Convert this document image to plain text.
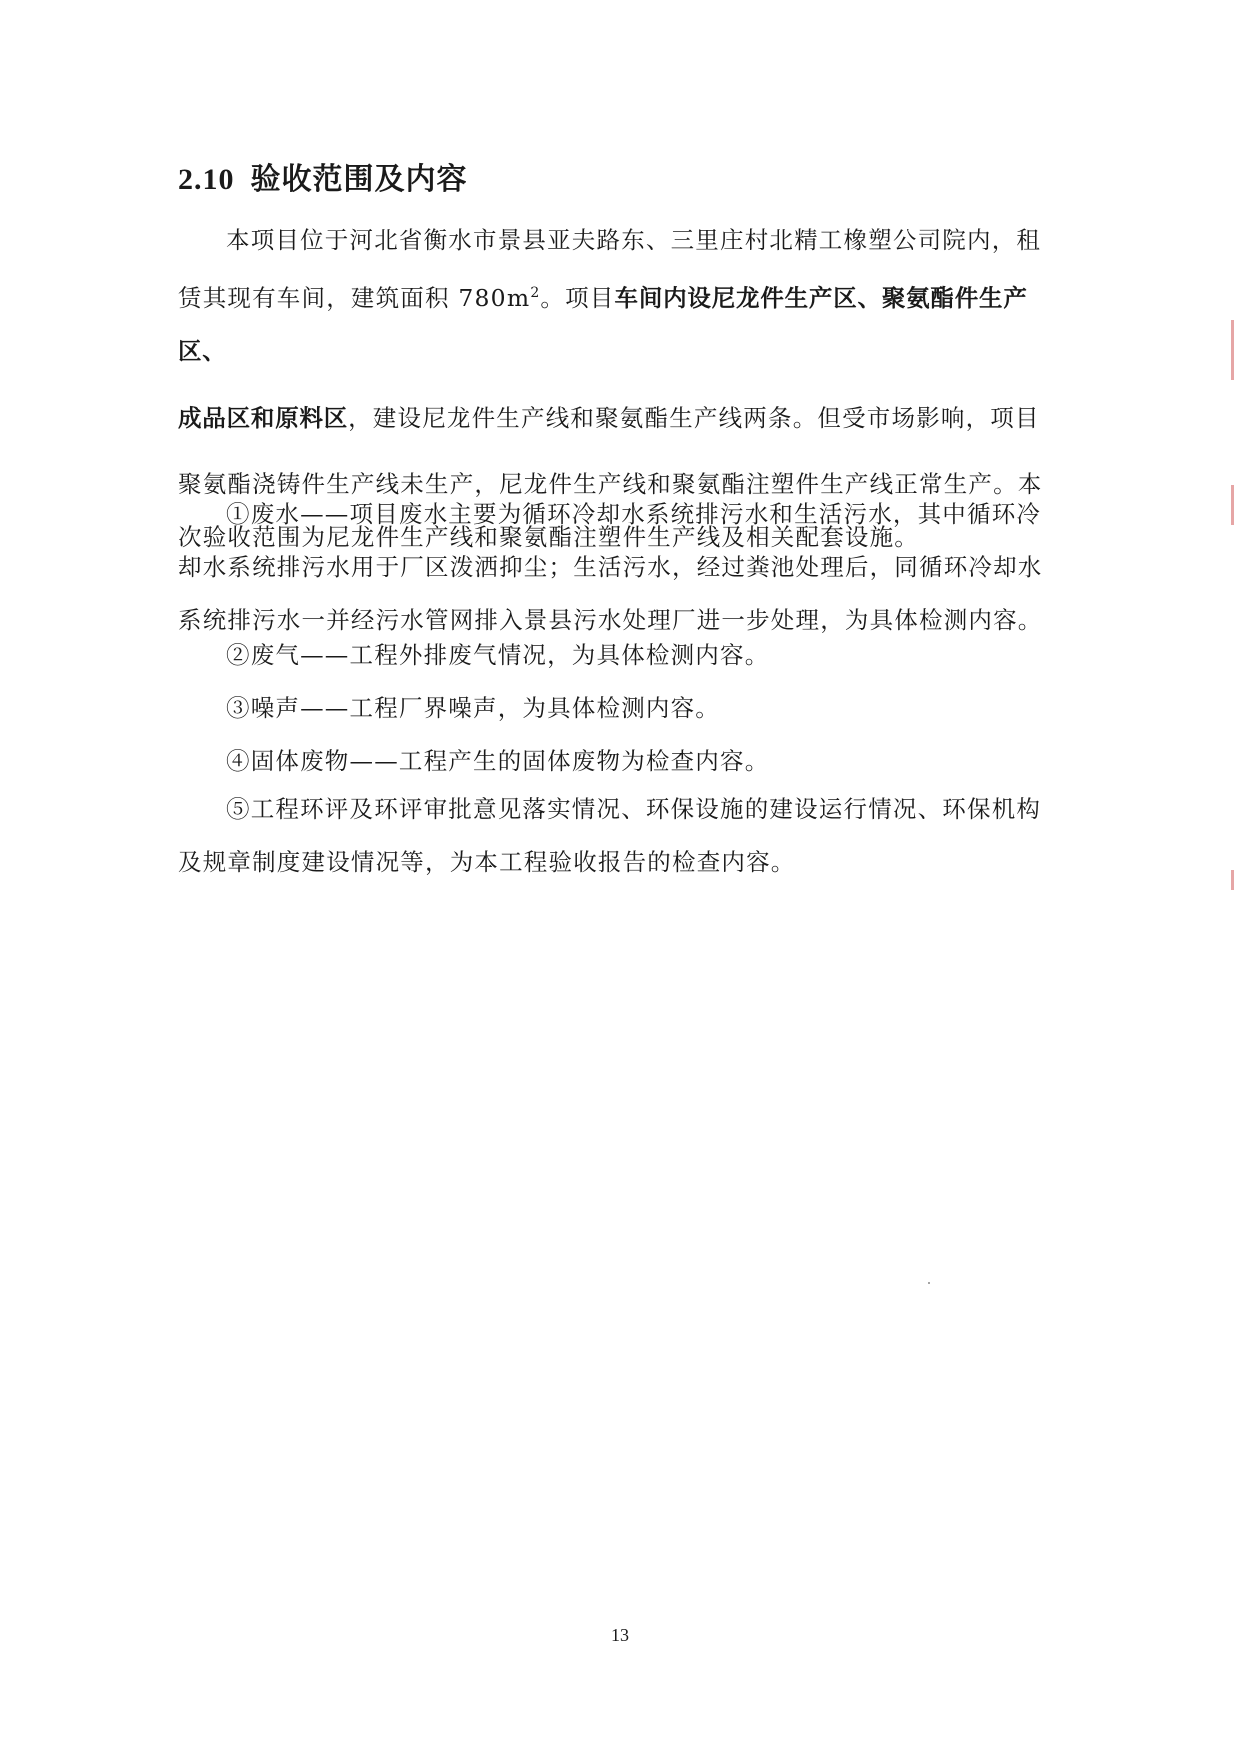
2.10 验收范围及内容

本项目位于河北省衡水市景县亚夫路东、三里庄村北精工橡塑公司院内，租赁其现有车间，建筑面积 $780m^2$。项目车间内设尼龙件生产区、聚氨酯件生产区、
成品区和原料区，建设尼龙件生产线和聚氨酯生产线两条。但受市场影响，项目聚氨酯浇铸件生产线未生产，尼龙件生产线和聚氨酯注塑件生产线正常生产。本次验收范围为尼龙件生产线和聚氨酯注塑件生产线及相关配套设施。

①废水——项目废水主要为循环冷却水系统排污水和生活污水，其中循环冷却水系统排污水用于厂区泼洒抑尘；生活污水，经过粪池处理后，同循环冷却水系统排污水一并经污水管网排入景县污水处理厂进一步处理，为具体检测内容。

②废气——工程外排废气情况，为具体检测内容。

③噪声——工程厂界噪声，为具体检测内容。

④固体废物——工程产生的固体废物为检查内容。

⑤工程环评及环评审批意见落实情况、环保设施的建设运行情况、环保机构及规章制度建设情况等，为本工程验收报告的检查内容。

13
